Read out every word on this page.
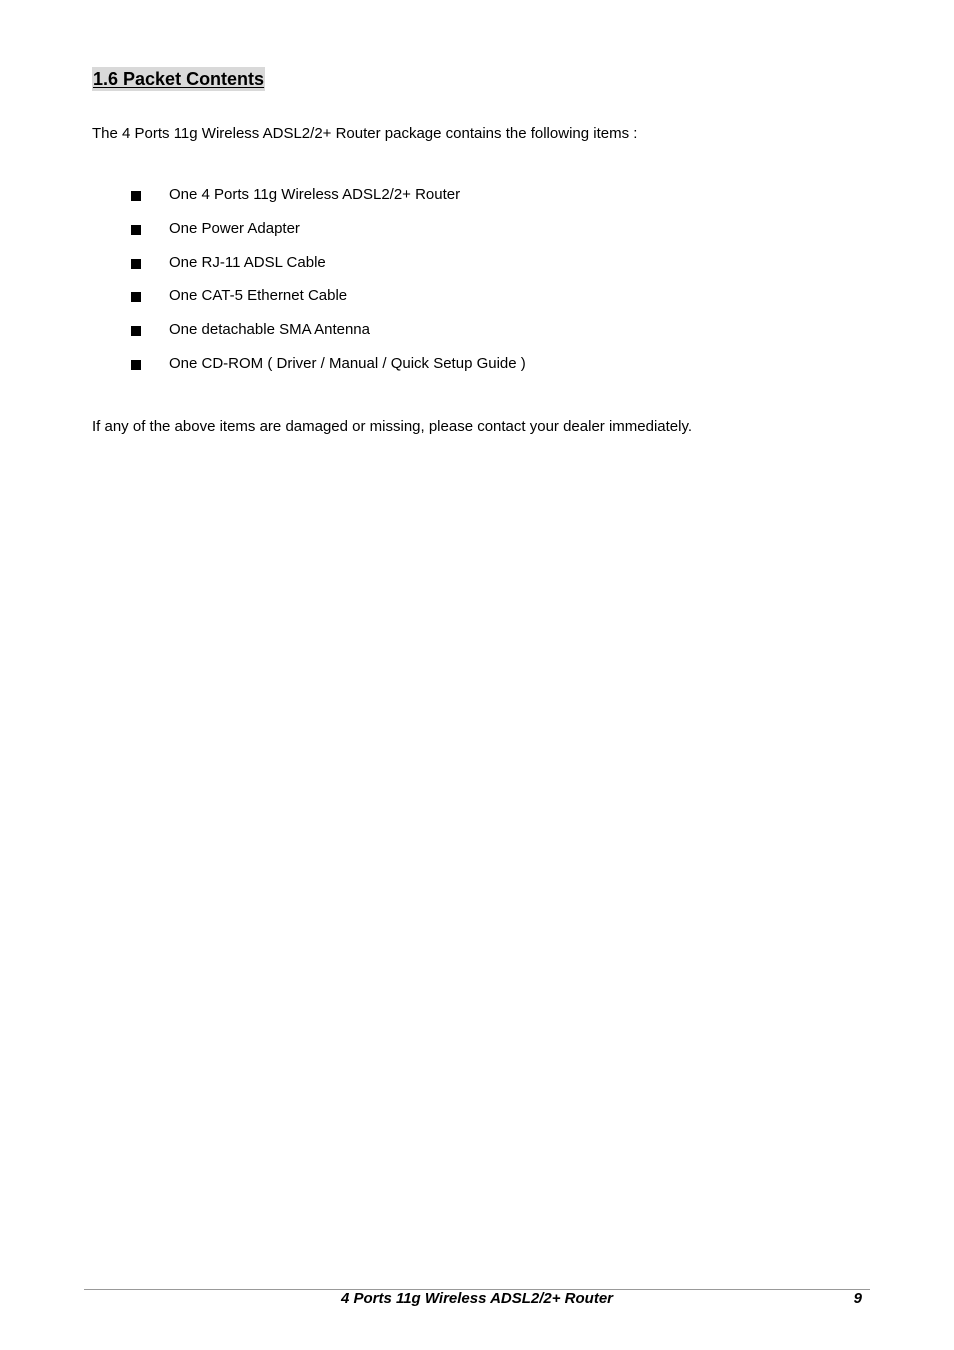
1.6 Packet Contents

The 4 Ports 11g Wireless ADSL2/2+ Router package contains the following items :

One 4 Ports 11g Wireless ADSL2/2+ Router
One Power Adapter
One RJ-11 ADSL Cable
One CAT-5 Ethernet Cable
One detachable SMA Antenna
One CD-ROM ( Driver / Manual / Quick Setup Guide )

If any of the above items are damaged or missing, please contact your dealer immediately.

4 Ports 11g Wireless ADSL2/2+ Router	9
